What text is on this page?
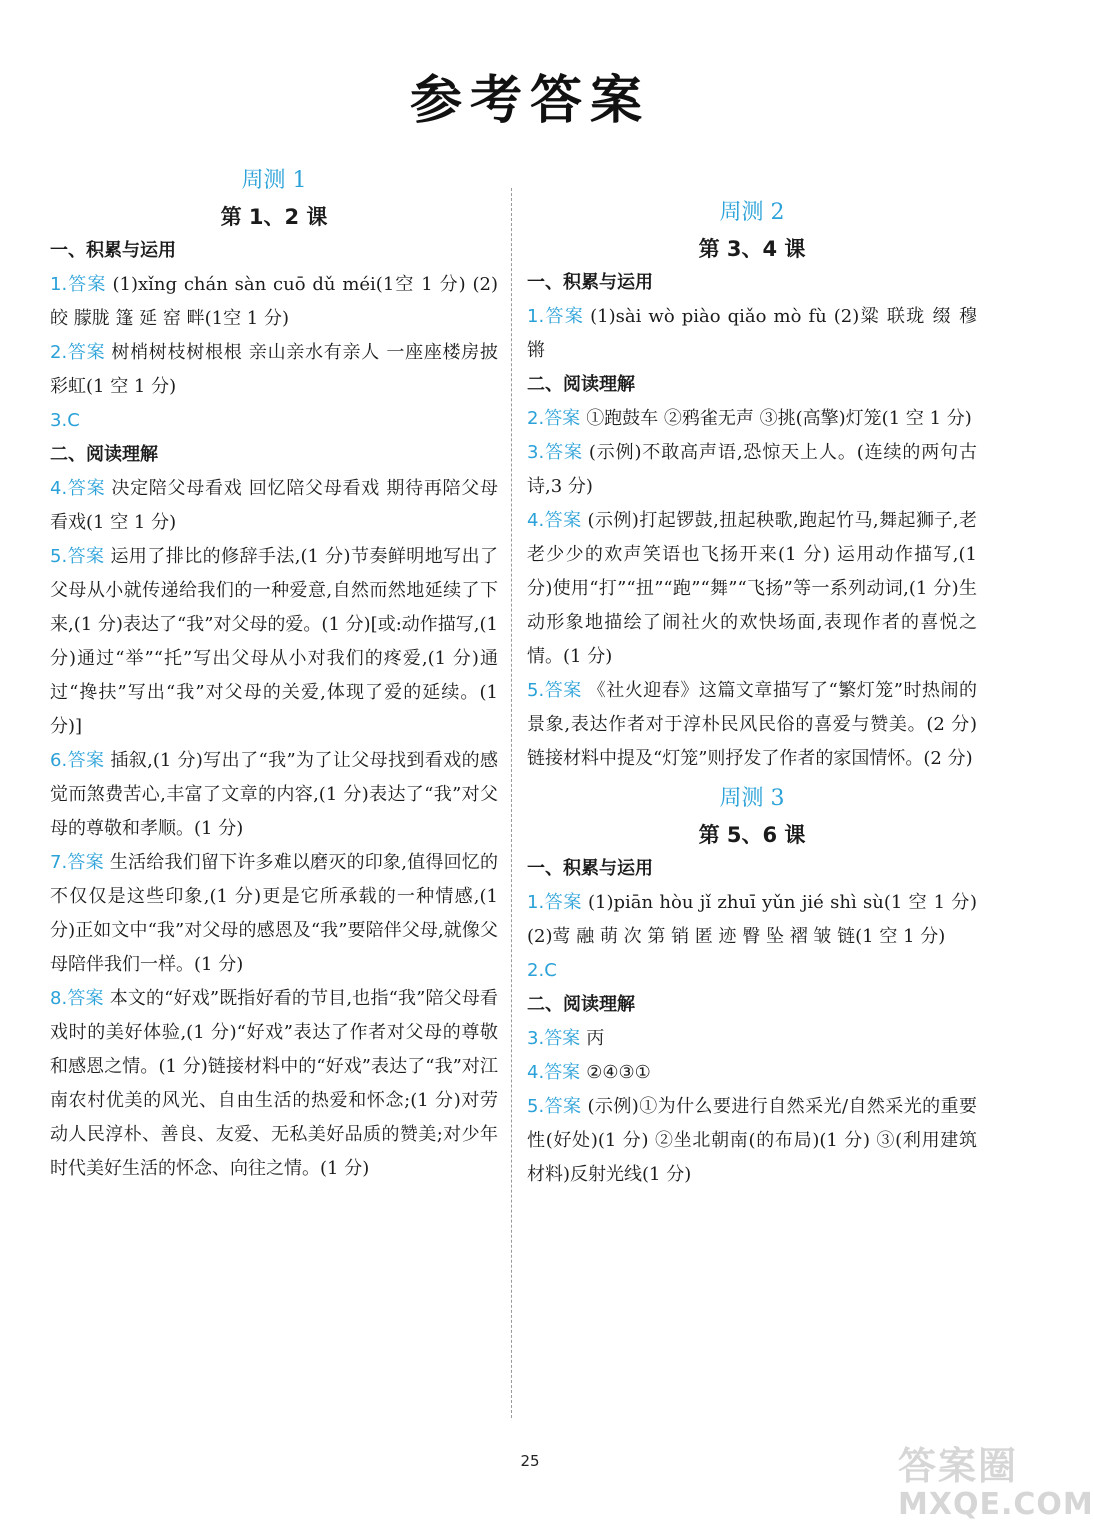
参考答案
周测 1
第 1、2 课
一、积累与运用
1.答案 (1)xǐng chán sàn cuō dǔ méi(1空 1 分) (2)皎 朦胧 篷 延 窑 畔(1空 1 分)
2.答案 树梢树枝树根根 亲山亲水有亲人 一座座楼房披彩虹(1 空 1 分)
3.C
二、阅读理解
4.答案 决定陪父母看戏 回忆陪父母看戏 期待再陪父母看戏(1 空 1 分)
5.答案 运用了排比的修辞手法,(1 分)节奏鲜明地写出了父母从小就传递给我们的一种爱意,自然而然地延续了下来,(1 分)表达了“我”对父母的爱。(1 分)[或:动作描写,(1 分)通过“举”“托”写出父母从小对我们的疼爱,(1 分)通过“搀扶”写出“我”对父母的关爱,体现了爱的延续。(1 分)]
6.答案 插叙,(1 分)写出了“我”为了让父母找到看戏的感觉而煞费苦心,丰富了文章的内容,(1 分)表达了“我”对父母的尊敬和孝顺。(1 分)
7.答案 生活给我们留下许多难以磨灭的印象,值得回忆的不仅仅是这些印象,(1 分)更是它所承载的一种情感,(1 分)正如文中“我”对父母的感恩及“我”要陪伴父母,就像父母陪伴我们一样。(1 分)
8.答案 本文的“好戏”既指好看的节目,也指“我”陪父母看戏时的美好体验,(1 分)“好戏”表达了作者对父母的尊敬和感恩之情。(1 分)链接材料中的“好戏”表达了“我”对江南农村优美的风光、自由生活的热爱和怀念;(1 分)对劳动人民淳朴、善良、友爱、无私美好品质的赞美;对少年时代美好生活的怀念、向往之情。(1 分)
周测 2
第 3、4 课
一、积累与运用
1.答案 (1)sài wò piào qiǎo mò fù (2)粱 联珑 缀 穆 锵
二、阅读理解
2.答案 ①跑鼓车 ②鸦雀无声 ③挑(高擎)灯笼(1 空 1 分)
3.答案 (示例)不敢高声语,恐惊天上人。(连续的两句古诗,3 分)
4.答案 (示例)打起锣鼓,扭起秧歌,跑起竹马,舞起狮子,老老少少的欢声笑语也飞扬开来(1 分) 运用动作描写,(1 分)使用“打”“扭”“跑”“舞”“飞扬”等一系列动词,(1 分)生动形象地描绘了闹社火的欢快场面,表现作者的喜悦之情。(1 分)
5.答案 《社火迎春》这篇文章描写了“繁灯笼”时热闹的景象,表达作者对于淳朴民风民俗的喜爱与赞美。(2 分)链接材料中提及“灯笼”则抒发了作者的家国情怀。(2 分)
周测 3
第 5、6 课
一、积累与运用
1.答案 (1)piān hòu jǐ zhuī yǔn jié shì sù(1 空 1 分) (2)莺 融 萌 次 第 销 匿 迹 臀 坠 褶 皱 链(1 空 1 分)
2.C
二、阅读理解
3.答案 丙
4.答案 ②④③①
5.答案 (示例)①为什么要进行自然采光/自然采光的重要性(好处)(1 分) ②坐北朝南(的布局)(1 分) ③(利用建筑材料)反射光线(1 分)
25	答案圈
MXQE.COM
